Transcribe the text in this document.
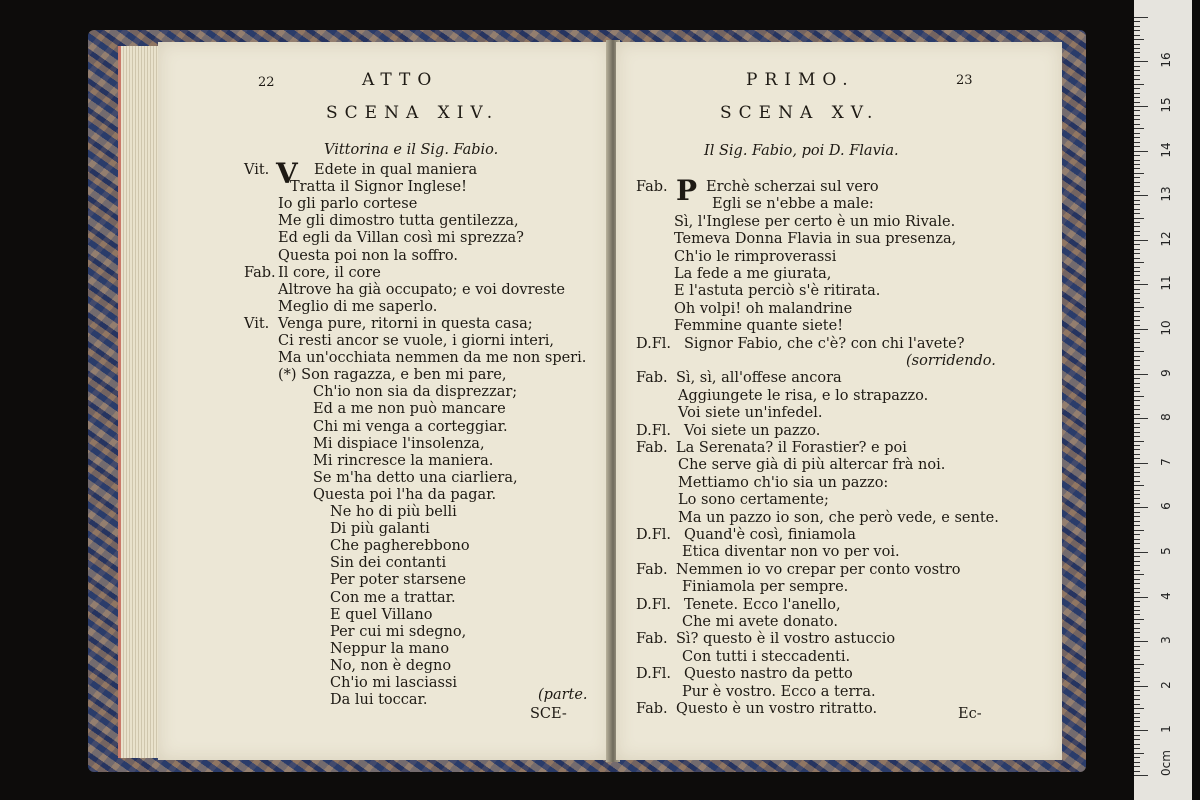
22	ATTO
SCENA XIV.
Vittorina e il Sig. Fabio.
Vit. V Edete in qual maniera
Tratta il Signor Inglese!
Io gli parlo cortese
Me gli dimostro tutta gentilezza,
Ed egli da Villan così mi sprezza?
Questa poi non la soffro.
Fab. Il core, il core
Altrove ha già occupato; e voi dovreste
Meglio di me saperlo.
Vit. Venga pure, ritorni in questa casa;
Ci resti ancor se vuole, i giorni interi,
Ma un'occhiata nemmen da me non speri.
(*) Son ragazza, e ben mi pare,
Ch'io non sia da disprezzar;
Ed a me non può mancare
Chi mi venga a corteggiar.
Mi dispiace l'insolenza,
Mi rincresce la maniera.
Se m'ha detto una ciarliera,
Questa poi l'ha da pagar.
Ne ho di più belli
Di più galanti
Che pagherebbono
Sin dei contanti
Per poter starsene
Con me a trattar.
E quel Villano
Per cui mi sdegno,
Neppur la mano
No, non è degno
Ch'io mi lasciassi
Da lui toccar.	(parte.
SCE-
PRIMO.	23
SCENA XV.
Il Sig. Fabio, poi D. Flavia.
Fab. P Erchè scherzai sul vero
Egli se n'ebbe a male:
Sì, l'Inglese per certo è un mio Rivale.
Temeva Donna Flavia in sua presenza,
Ch'io le rimproverassi
La fede a me giurata,
E l'astuta perciò s'è ritirata.
Oh volpi! oh malandrine
Femmine quante siete!
D.Fl. Signor Fabio, che c'è? con chi l'avete?
(sorridendo.
Fab. Sì, sì, all'offese ancora
Aggiungete le risa, e lo strapazzo.
Voi siete un'infedel.
D.Fl. Voi siete un pazzo.
Fab. La Serenata? il Forastier? e poi
Che serve già di più altercar frà noi.
Mettiamo ch'io sia un pazzo:
Lo sono certamente;
Ma un pazzo io son, che però vede, e sente.
D.Fl. Quand'è così, finiamola
Etica diventar non vo per voi.
Fab. Nemmen io vo crepar per conto vostro
Finiamola per sempre.
D.Fl. Tenete. Ecco l'anello,
Che mi avete donato.
Fab. Sì? questo è il vostro astuccio
Con tutti i steccadenti.
D.Fl. Questo nastro da petto
Pur è vostro. Ecco a terra.
Fab. Questo è un vostro ritratto.	Ec-
0cm
1
2
3
4
5
6
7
8
9
10
11
12
13
14
15
16
